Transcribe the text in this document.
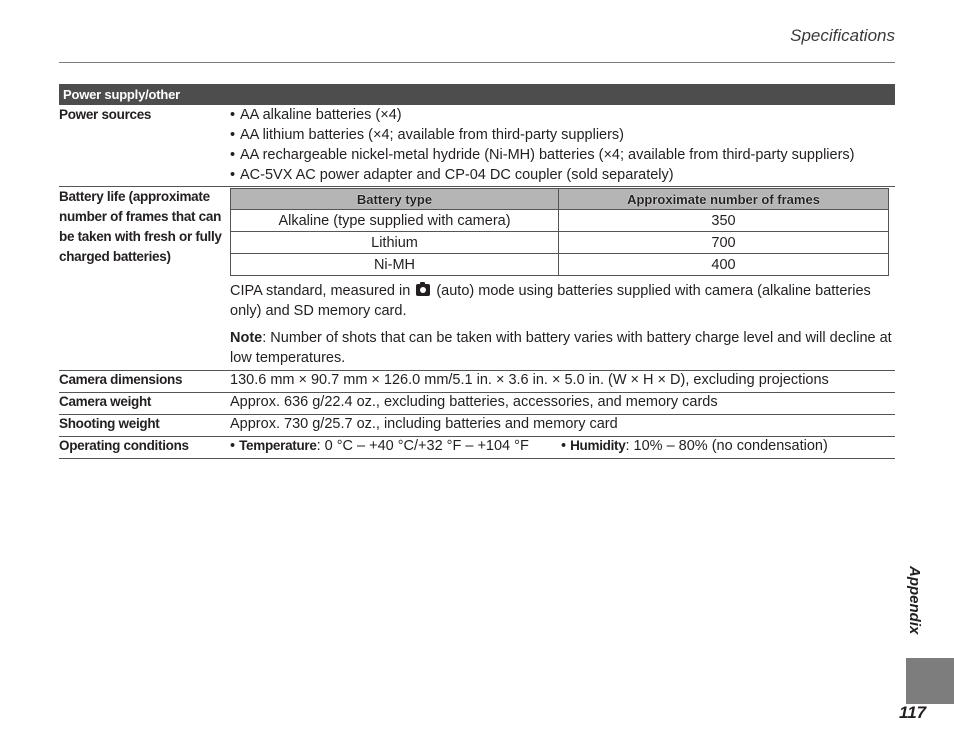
Specifications
Power supply/other
Power sources	• AA alkaline batteries (×4)
• AA lithium batteries (×4; available from third-party suppliers)
• AA rechargeable nickel-metal hydride (Ni-MH) batteries (×4; available from third-party suppliers)
• AC-5VX AC power adapter and CP-04 DC coupler (sold separately)
Battery life (approximate number of frames that can be taken with fresh or fully charged batteries)
Battery type	Approximate number of frames
Alkaline (type supplied with camera)	350
Lithium	700
Ni-MH	400
CIPA standard, measured in (auto) mode using batteries supplied with camera (alkaline batteries only) and SD memory card.
Note: Number of shots that can be taken with battery varies with battery charge level and will decline at low temperatures.
Camera dimensions	130.6 mm × 90.7 mm × 126.0 mm/5.1 in. × 3.6 in. × 5.0 in. (W × H × D), excluding projections
Camera weight	Approx. 636 g/22.4 oz., excluding batteries, accessories, and memory cards
Shooting weight	Approx. 730 g/25.7 oz., including batteries and memory card
Operating conditions	• Temperature: 0 °C – +40 °C/+32 °F – +104 °F • Humidity: 10% – 80% (no condensation)
Appendix
117
